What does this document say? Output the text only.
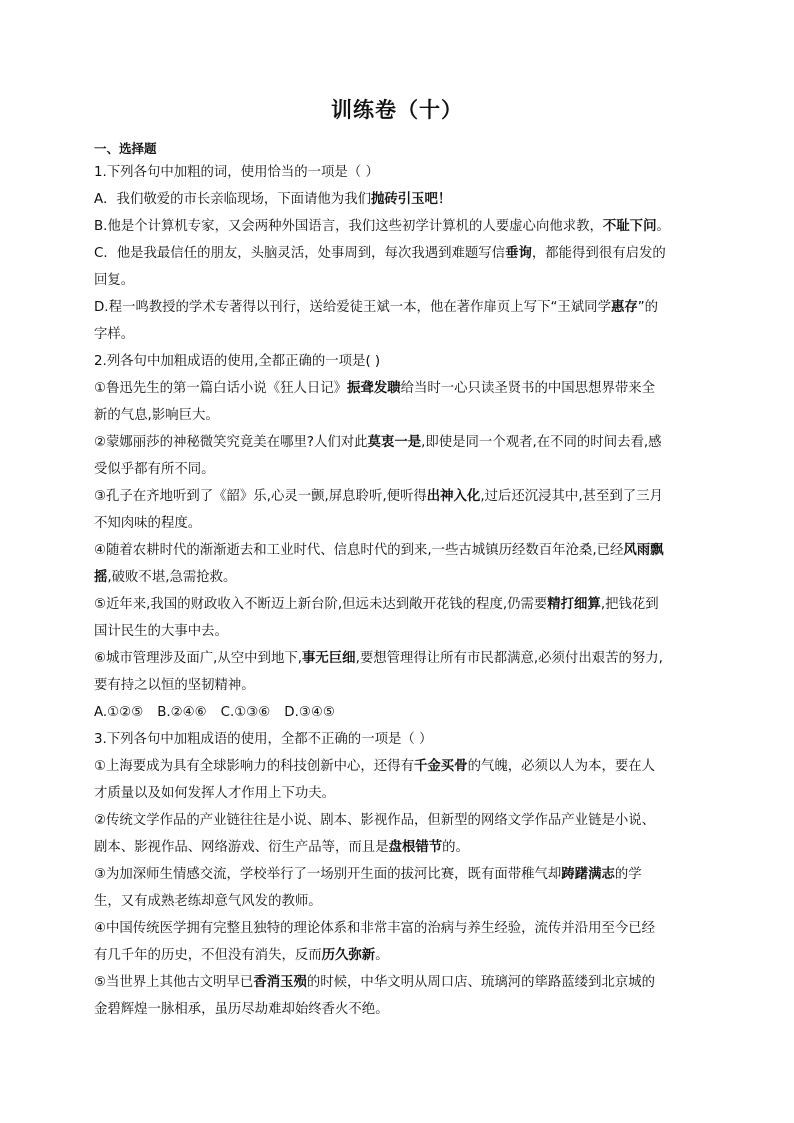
训练卷（十）
一、选择题
1.下列各句中加粗的词，使用恰当的一项是（ ）
A．我们敬爱的市长亲临现场，下面请他为我们抛砖引玉吧！
B.他是个计算机专家，又会两种外国语言，我们这些初学计算机的人要虚心向他求教，不耻下问。
C．他是我最信任的朋友，头脑灵活，处事周到，每次我遇到难题写信垂询，都能得到很有启发的
回复。
D.程一鸣教授的学术专著得以刊行，送给爱徒王斌一本，他在著作扉页上写下“王斌同学惠存”的
字样。
2.列各句中加粗成语的使用,全都正确的一项是( )
①鲁迅先生的第一篇白话小说《狂人日记》振聋发聩给当时一心只读圣贤书的中国思想界带来全
新的气息,影响巨大。
②蒙娜丽莎的神秘微笑究竟美在哪里?人们对此莫衷一是,即使是同一个观者,在不同的时间去看,感
受似乎都有所不同。
③孔子在齐地听到了《韶》乐,心灵一颤,屏息聆听,便听得出神入化,过后还沉浸其中,甚至到了三月
不知肉味的程度。
④随着农耕时代的渐渐逝去和工业时代、信息时代的到来,一些古城镇历经数百年沧桑,已经风雨飘
摇,破败不堪,急需抢救。
⑤近年来,我国的财政收入不断迈上新台阶,但远未达到敞开花钱的程度,仍需要精打细算,把钱花到
国计民生的大事中去。
⑥城市管理涉及面广,从空中到地下,事无巨细,要想管理得让所有市民都满意,必须付出艰苦的努力,
要有持之以恒的坚韧精神。
A.①②⑤ B.②④⑥ C.①③⑥ D.③④⑤
3.下列各句中加粗成语的使用，全都不正确的一项是（ ）
①上海要成为具有全球影响力的科技创新中心，还得有千金买骨的气魄，必须以人为本，要在人
才质量以及如何发挥人才作用上下功夫。
②传统文学作品的产业链往往是小说、剧本、影视作品，但新型的网络文学作品产业链是小说、
剧本、影视作品、网络游戏、衍生产品等，而且是盘根错节的。
③为加深师生情感交流，学校举行了一场别开生面的拔河比赛，既有面带稚气却踌躇满志的学
生，又有成熟老练却意气风发的教师。
④中国传统医学拥有完整且独特的理论体系和非常丰富的治病与养生经验，流传并沿用至今已经
有几千年的历史，不但没有消失，反而历久弥新。
⑤当世界上其他古文明早已香消玉殒的时候，中华文明从周口店、琉璃河的筚路蓝缕到北京城的
金碧辉煌一脉相承，虽历尽劫难却始终香火不绝。
